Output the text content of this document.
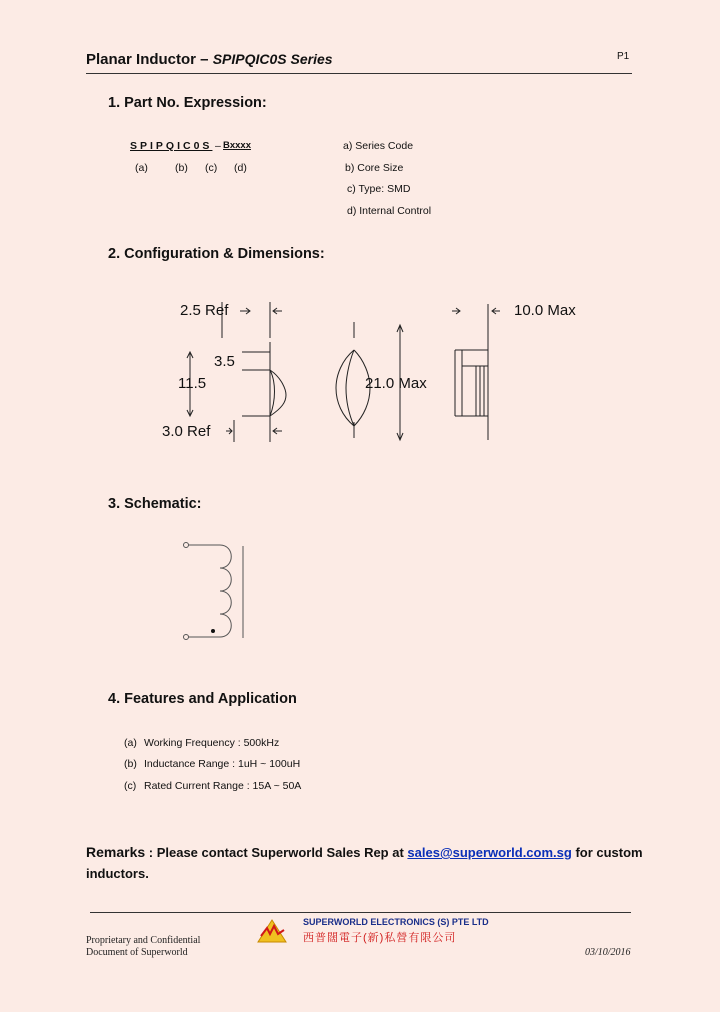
Planar Inductor – SPIPQIC0S Series	P1
1. Part No. Expression:
SPIPQIC0S – Bxxxx
(a)	(b) (c) (d)
a) Series Code
b) Core Size
c) Type: SMD
d) Internal Control
2. Configuration & Dimensions:
2.5 Ref
3.5
11.5
3.0 Ref
21.0 Max
10.0 Max
3. Schematic:
4. Features and Application
(a) Working Frequency : 500kHz
(b) Inductance Range : 1uH ~ 100uH
(c) Rated Current Range : 15A ~ 50A
Remarks : Please contact Superworld Sales Rep at sales@superworld.com.sg for custom inductors.
Proprietary and Confidential
Document of Superworld
SUPERWORLD ELECTRONICS (S) PTE LTD
西普闊電子(新)私營有限公司
03/10/2016
